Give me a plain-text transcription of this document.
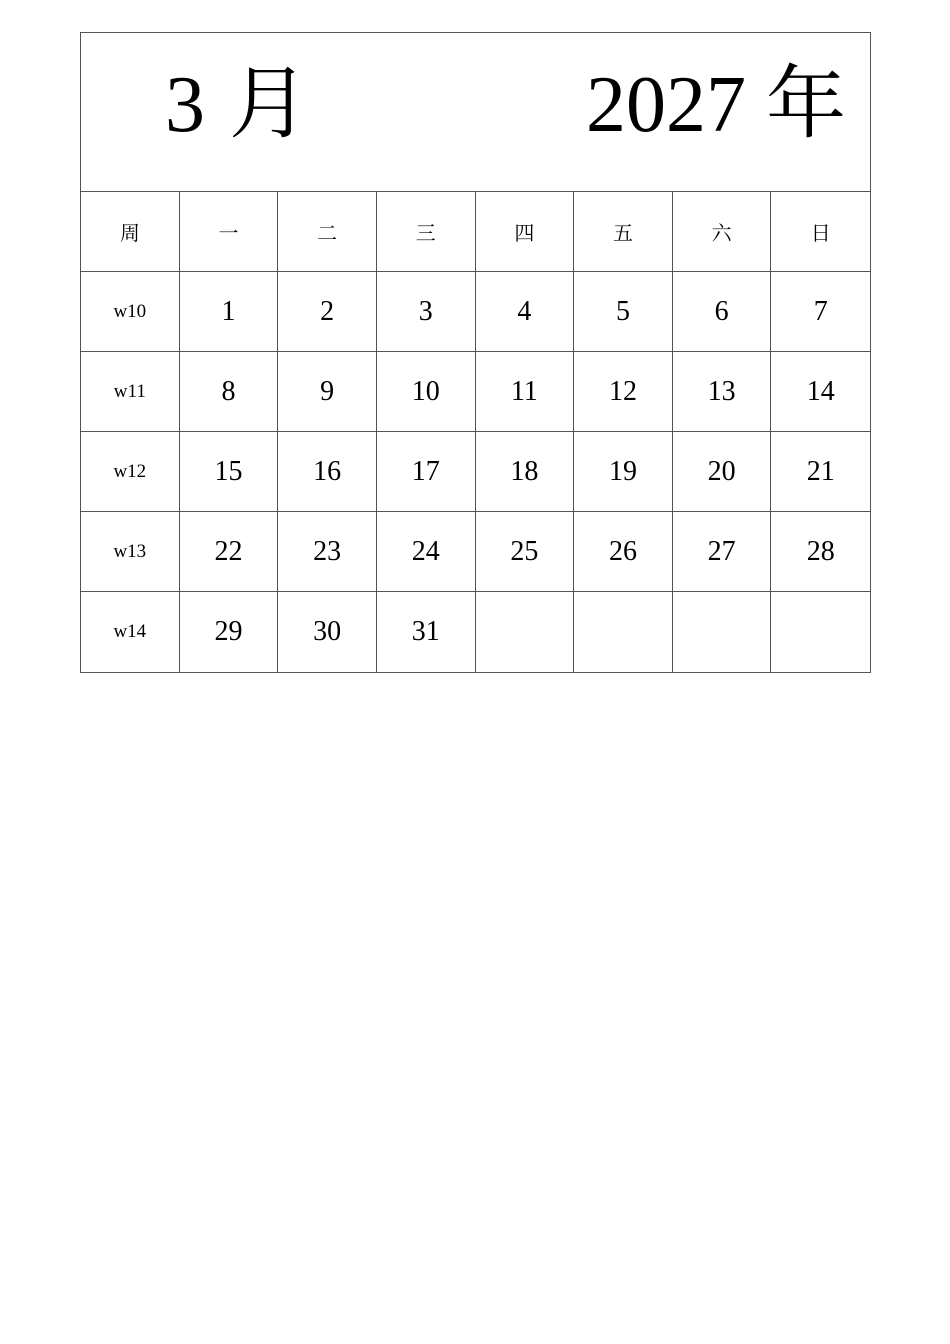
3 月	2027 年
周	一	二	三	四	五	六	日
w10	1	2	3	4	5	6	7
w11	8	9	10	11	12	13	14
w12	15	16	17	18	19	20	21
w13	22	23	24	25	26	27	28
w14	29	30	31
